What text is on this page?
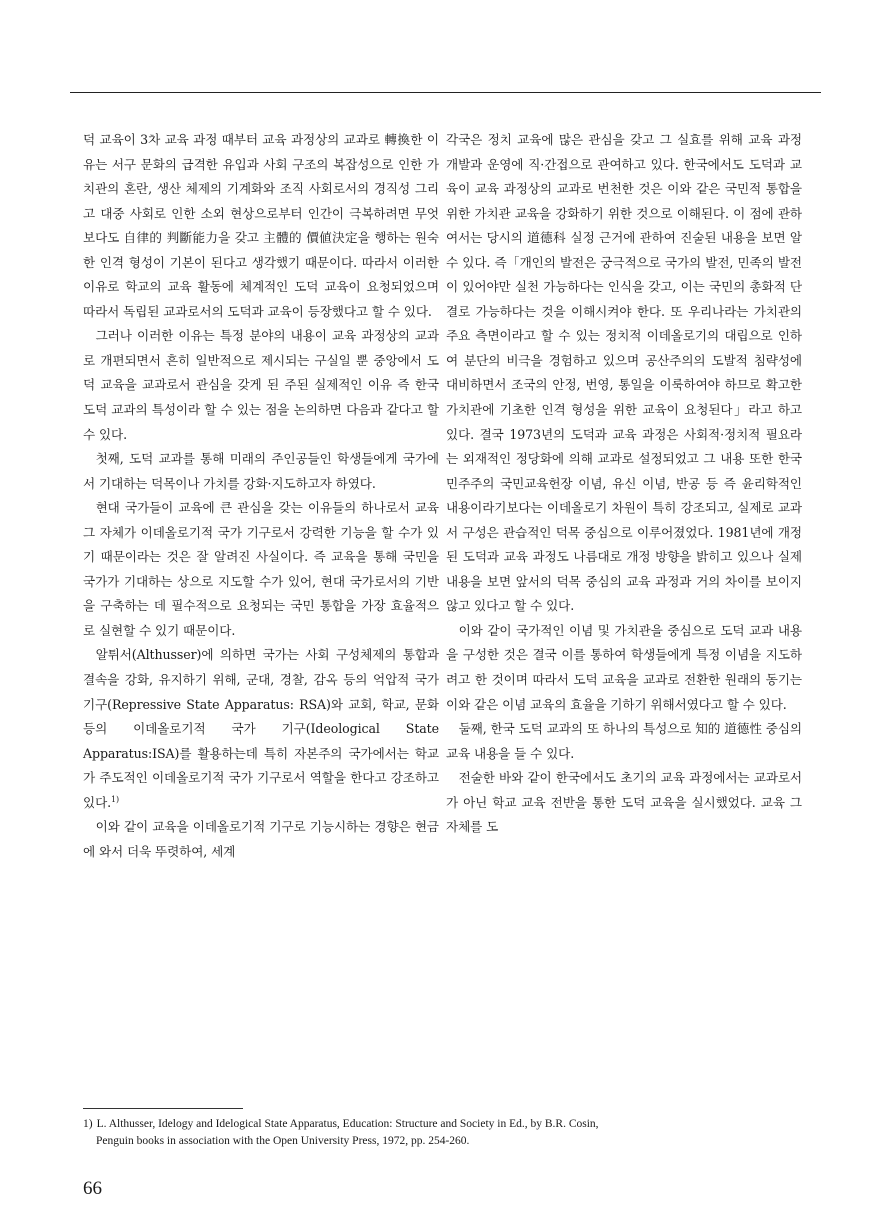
덕 교육이 3차 교육 과정 때부터 교육 과정상의 교과로 轉換한 이유는 서구 문화의 급격한 유입과 사회 구조의 복잡성으로 인한 가치관의 혼란, 생산 체제의 기계화와 조직 사회로서의 경직성 그리고 대중 사회로 인한 소외 현상으로부터 인간이 극복하려면 무엇보다도 自律的 判斷能力을 갖고 主體的 價値決定을 행하는 원숙한 인격 형성이 기본이 된다고 생각했기 때문이다. 따라서 이러한 이유로 학교의 교육 활동에 체계적인 도덕 교육이 요청되었으며 따라서 독립된 교과로서의 도덕과 교육이 등장했다고 할 수 있다.

그러나 이러한 이유는 특정 분야의 내용이 교육 과정상의 교과로 개편되면서 흔히 일반적으로 제시되는 구실일 뿐 중앙에서 도덕 교육을 교과로서 관심을 갖게 된 주된 실제적인 이유 즉 한국 도덕 교과의 특성이라 할 수 있는 점을 논의하면 다음과 같다고 할 수 있다.

첫째, 도덕 교과를 통해 미래의 주인공들인 학생들에게 국가에서 기대하는 덕목이나 가치를 강화·지도하고자 하였다.

현대 국가들이 교육에 큰 관심을 갖는 이유들의 하나로서 교육 그 자체가 이데올로기적 국가 기구로서 강력한 기능을 할 수가 있기 때문이라는 것은 잘 알려진 사실이다. 즉 교육을 통해 국민을 국가가 기대하는 상으로 지도할 수가 있어, 현대 국가로서의 기반을 구축하는 데 필수적으로 요청되는 국민 통합을 가장 효율적으로 실현할 수 있기 때문이다.

알튀서(Althusser)에 의하면 국가는 사회 구성체제의 통합과 결속을 강화, 유지하기 위해, 군대, 경찰, 감옥 등의 억압적 국가 기구(Repressive State Apparatus: RSA)와 교회, 학교, 문화 등의 이데올로기적 국가 기구(Ideological State Apparatus:ISA)를 활용하는데 특히 자본주의 국가에서는 학교가 주도적인 이데올로기적 국가 기구로서 역할을 한다고 강조하고 있다.$^{1)}$

이와 같이 교육을 이데올로기적 기구로 기능시하는 경향은 현금에 와서 더욱 뚜렷하여, 세계

각국은 정치 교육에 많은 관심을 갖고 그 실효를 위해 교육 과정 개발과 운영에 직·간접으로 관여하고 있다. 한국에서도 도덕과 교육이 교육 과정상의 교과로 번천한 것은 이와 같은 국민적 통합을 위한 가치관 교육을 강화하기 위한 것으로 이해된다. 이 점에 관하여서는 당시의 道德科 실정 근거에 관하여 진술된 내용을 보면 알 수 있다. 즉「개인의 발전은 궁극적으로 국가의 발전, 민족의 발전이 있어야만 실천 가능하다는 인식을 갖고, 이는 국민의 총화적 단결로 가능하다는 것을 이해시켜야 한다. 또 우리나라는 가치관의 주요 측면이라고 할 수 있는 정치적 이데올로기의 대립으로 인하여 분단의 비극을 경험하고 있으며 공산주의의 도발적 침략성에 대비하면서 조국의 안정, 번영, 통일을 이룩하여야 하므로 확고한 가치관에 기초한 인격 형성을 위한 교육이 요청된다」라고 하고 있다. 결국 1973년의 도덕과 교육 과정은 사회적·정치적 필요라는 외재적인 정당화에 의해 교과로 설정되었고 그 내용 또한 한국 민주주의 국민교육헌장 이념, 유신 이념, 반공 등 즉 윤리학적인 내용이라기보다는 이데올로기 차원이 특히 강조되고, 실제로 교과서 구성은 관습적인 덕목 중심으로 이루어졌었다. 1981년에 개정된 도덕과 교육 과정도 나름대로 개정 방향을 밝히고 있으나 실제 내용을 보면 앞서의 덕목 중심의 교육 과정과 거의 차이를 보이지 않고 있다고 할 수 있다.

이와 같이 국가적인 이념 및 가치관을 중심으로 도덕 교과 내용을 구성한 것은 결국 이를 통하여 학생들에게 특정 이념을 지도하려고 한 것이며 따라서 도덕 교육을 교과로 전환한 원래의 동기는 이와 같은 이념 교육의 효율을 기하기 위해서였다고 할 수 있다.

둘째, 한국 도덕 교과의 또 하나의 특성으로 知的 道德性 중심의 교육 내용을 들 수 있다.

전술한 바와 같이 한국에서도 초기의 교육 과정에서는 교과로서가 아닌 학교 교육 전반을 통한 도덕 교육을 실시했었다. 교육 그 자체를 도

1) L. Althusser, Idelogy and Idelogical State Apparatus, Education: Structure and Society in Ed., by B.R. Cosin,
Penguin books in association with the Open University Press, 1972, pp. 254-260.
66
